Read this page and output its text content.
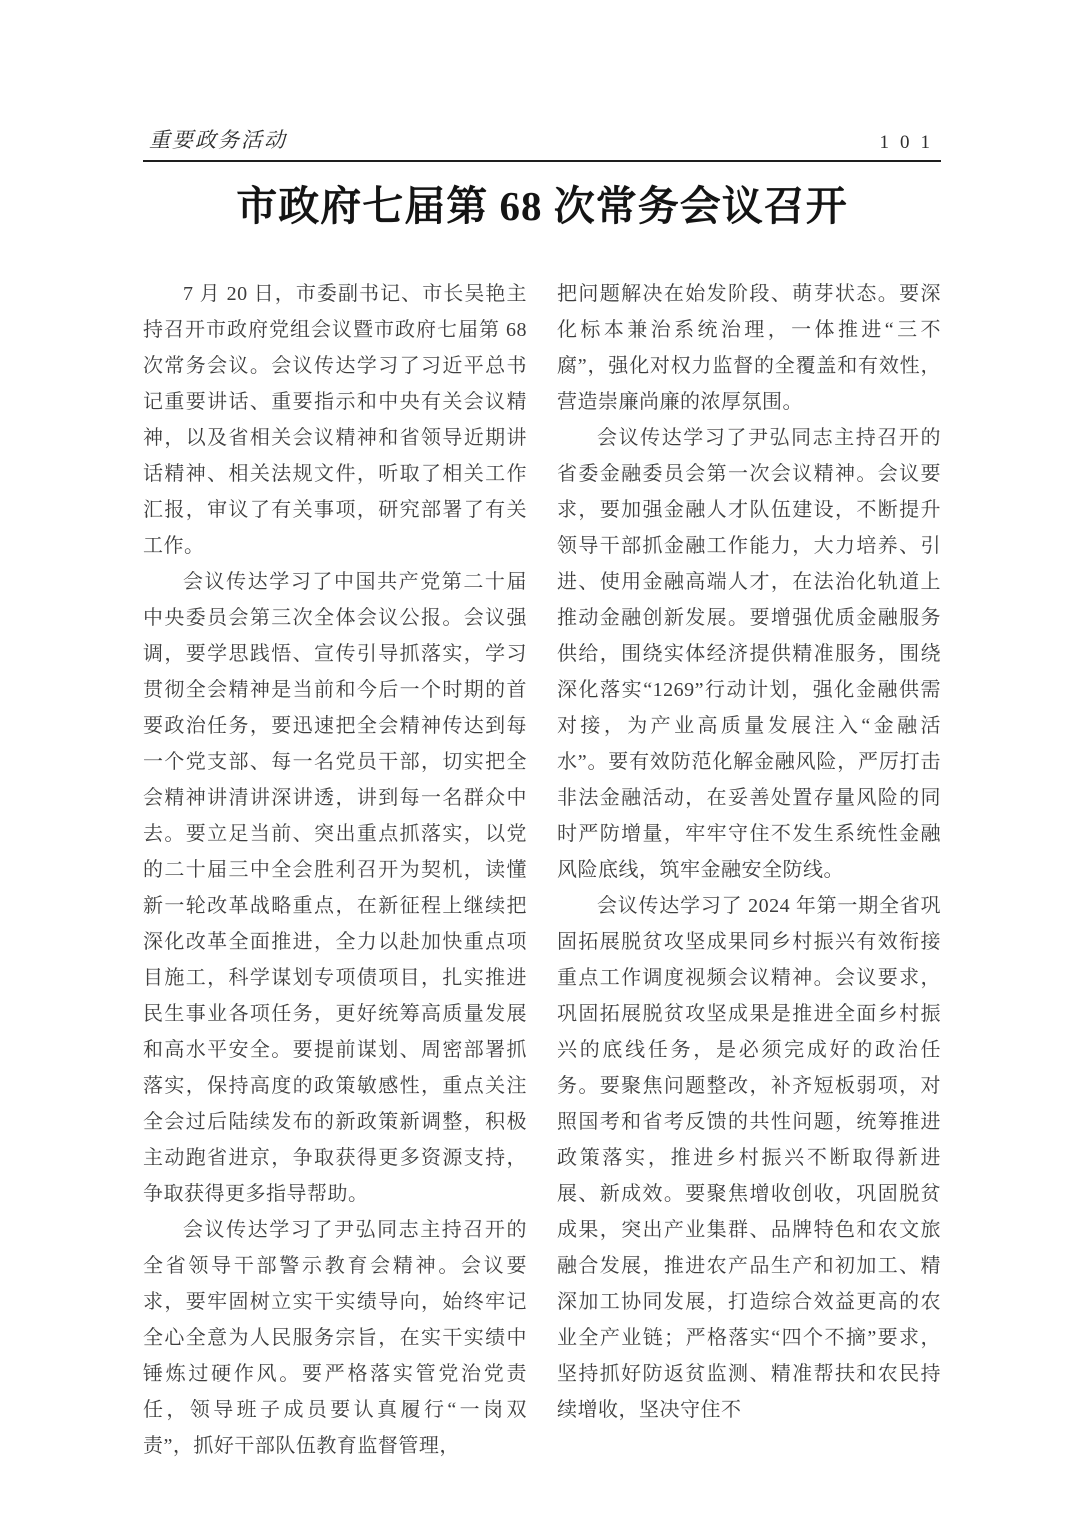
重要政务活动	101
市政府七届第 68 次常务会议召开

7 月 20 日，市委副书记、市长吴艳主持召开市政府党组会议暨市政府七届第 68 次常务会议。会议传达学习了习近平总书记重要讲话、重要指示和中央有关会议精神，以及省相关会议精神和省领导近期讲话精神、相关法规文件，听取了相关工作汇报，审议了有关事项，研究部署了有关工作。

会议传达学习了中国共产党第二十届中央委员会第三次全体会议公报。会议强调，要学思践悟、宣传引导抓落实，学习贯彻全会精神是当前和今后一个时期的首要政治任务，要迅速把全会精神传达到每一个党支部、每一名党员干部，切实把全会精神讲清讲深讲透，讲到每一名群众中去。要立足当前、突出重点抓落实，以党的二十届三中全会胜利召开为契机，读懂新一轮改革战略重点，在新征程上继续把深化改革全面推进，全力以赴加快重点项目施工，科学谋划专项债项目，扎实推进民生事业各项任务，更好统筹高质量发展和高水平安全。要提前谋划、周密部署抓落实，保持高度的政策敏感性，重点关注全会过后陆续发布的新政策新调整，积极主动跑省进京，争取获得更多资源支持，争取获得更多指导帮助。

会议传达学习了尹弘同志主持召开的全省领导干部警示教育会精神。会议要求，要牢固树立实干实绩导向，始终牢记全心全意为人民服务宗旨，在实干实绩中锤炼过硬作风。要严格落实管党治党责任，领导班子成员要认真履行“一岗双责”，抓好干部队伍教育监督管理，

把问题解决在始发阶段、萌芽状态。要深化标本兼治系统治理，一体推进“三不腐”，强化对权力监督的全覆盖和有效性，营造崇廉尚廉的浓厚氛围。

会议传达学习了尹弘同志主持召开的省委金融委员会第一次会议精神。会议要求，要加强金融人才队伍建设，不断提升领导干部抓金融工作能力，大力培养、引进、使用金融高端人才，在法治化轨道上推动金融创新发展。要增强优质金融服务供给，围绕实体经济提供精准服务，围绕深化落实“1269”行动计划，强化金融供需对接，为产业高质量发展注入“金融活水”。要有效防范化解金融风险，严厉打击非法金融活动，在妥善处置存量风险的同时严防增量，牢牢守住不发生系统性金融风险底线，筑牢金融安全防线。

会议传达学习了 2024 年第一期全省巩固拓展脱贫攻坚成果同乡村振兴有效衔接重点工作调度视频会议精神。会议要求，巩固拓展脱贫攻坚成果是推进全面乡村振兴的底线任务，是必须完成好的政治任务。要聚焦问题整改，补齐短板弱项，对照国考和省考反馈的共性问题，统筹推进政策落实，推进乡村振兴不断取得新进展、新成效。要聚焦增收创收，巩固脱贫成果，突出产业集群、品牌特色和农文旅融合发展，推进农产品生产和初加工、精深加工协同发展，打造综合效益更高的农业全产业链；严格落实“四个不摘”要求，坚持抓好防返贫监测、精准帮扶和农民持续增收，坚决守住不
